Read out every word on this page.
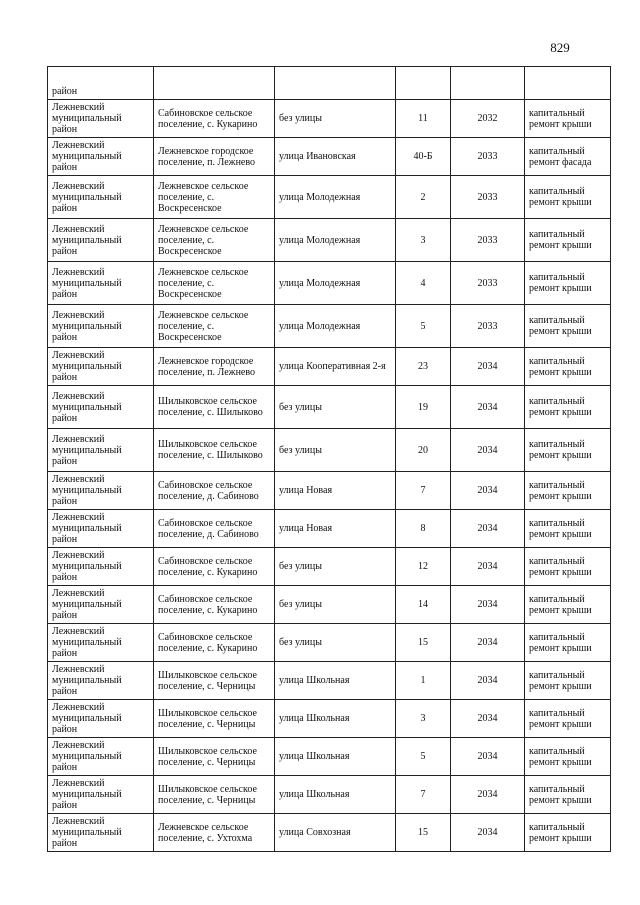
829
район					
Лежневский муниципальный район	Сабиновское сельское поселение, с. Кукарино	без улицы	11	2032	капитальный ремонт крыши
Лежневский муниципальный район	Лежневское городское поселение, п. Лежнево	улица Ивановская	40-Б	2033	капитальный ремонт фасада
Лежневский муниципальный район	Лежневское сельское поселение, с. Воскресенское	улица Молодежная	2	2033	капитальный ремонт крыши
Лежневский муниципальный район	Лежневское сельское поселение, с. Воскресенское	улица Молодежная	3	2033	капитальный ремонт крыши
Лежневский муниципальный район	Лежневское сельское поселение, с. Воскресенское	улица Молодежная	4	2033	капитальный ремонт крыши
Лежневский муниципальный район	Лежневское сельское поселение, с. Воскресенское	улица Молодежная	5	2033	капитальный ремонт крыши
Лежневский муниципальный район	Лежневское городское поселение, п. Лежнево	улица Кооперативная 2-я	23	2034	капитальный ремонт крыши
Лежневский муниципальный район	Шилыковское сельское поселение, с. Шилыково	без улицы	19	2034	капитальный ремонт крыши
Лежневский муниципальный район	Шилыковское сельское поселение, с. Шилыково	без улицы	20	2034	капитальный ремонт крыши
Лежневский муниципальный район	Сабиновское сельское поселение, д. Сабиново	улица Новая	7	2034	капитальный ремонт крыши
Лежневский муниципальный район	Сабиновское сельское поселение, д. Сабиново	улица Новая	8	2034	капитальный ремонт крыши
Лежневский муниципальный район	Сабиновское сельское поселение, с. Кукарино	без улицы	12	2034	капитальный ремонт крыши
Лежневский муниципальный район	Сабиновское сельское поселение, с. Кукарино	без улицы	14	2034	капитальный ремонт крыши
Лежневский муниципальный район	Сабиновское сельское поселение, с. Кукарино	без улицы	15	2034	капитальный ремонт крыши
Лежневский муниципальный район	Шилыковское сельское поселение, с. Черницы	улица Школьная	1	2034	капитальный ремонт крыши
Лежневский муниципальный район	Шилыковское сельское поселение, с. Черницы	улица Школьная	3	2034	капитальный ремонт крыши
Лежневский муниципальный район	Шилыковское сельское поселение, с. Черницы	улица Школьная	5	2034	капитальный ремонт крыши
Лежневский муниципальный район	Шилыковское сельское поселение, с. Черницы	улица Школьная	7	2034	капитальный ремонт крыши
Лежневский муниципальный район	Лежневское сельское поселение, с. Ухтохма	улица Совхозная	15	2034	капитальный ремонт крыши
